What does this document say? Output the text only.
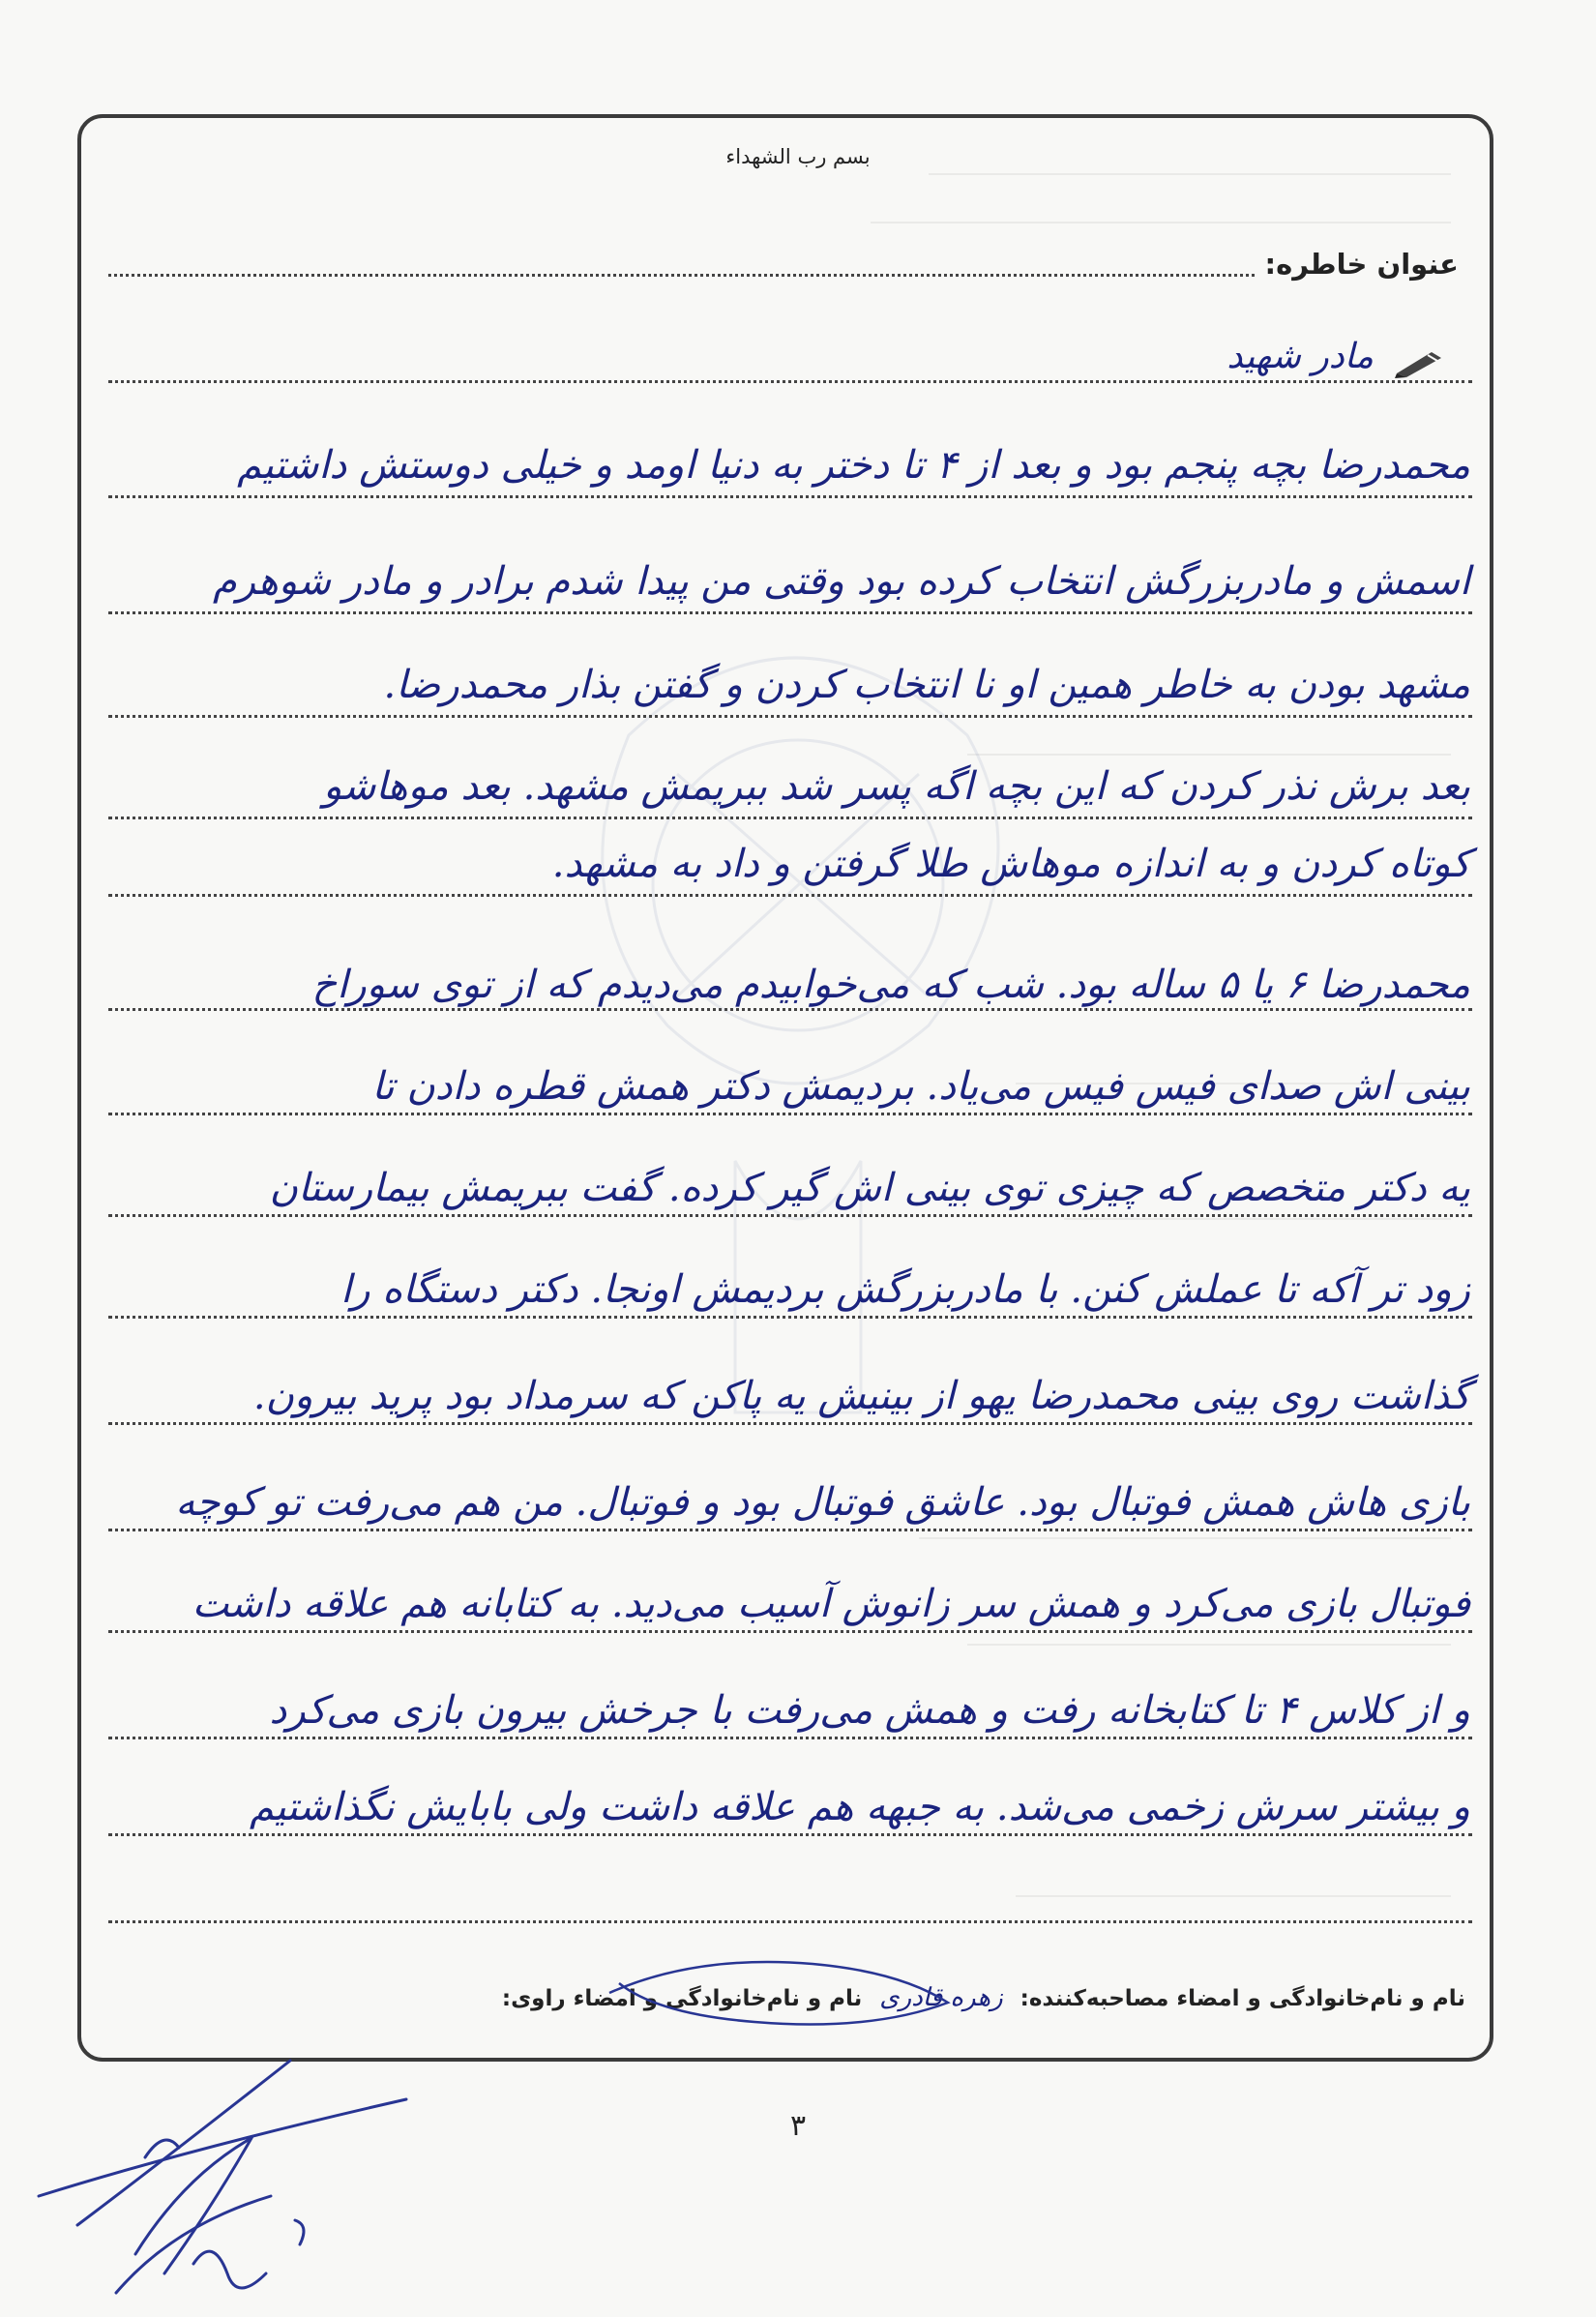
بسم رب الشهداء
عنوان خاطره:
مادر شهید
محمدرضا بچه پنجم بود و بعد از ۴ تا دختر به دنیا اومد و خیلی دوستش داشتیم
اسمش و مادربزرگش انتخاب کرده بود وقتی من پیدا شدم برادر و مادر شوهرم
مشهد بودن به خاطر همین او نا انتخاب کردن و گفتن بذار محمدرضا.
بعد برش نذر کردن که این بچه اگه پسر شد ببریمش مشهد. بعد موهاشو
کوتاه کردن و به اندازه موهاش طلا گرفتن و داد به مشهد.
محمدرضا ۶ یا ۵ ساله بود. شب که می‌خوابیدم می‌دیدم که از توی سوراخ
بینی اش صدای فیس فیس می‌یاد. بردیمش دکتر همش قطره دادن تا
یه دکتر متخصص که چیزی توی بینی اش گیر کرده. گفت ببریمش بیمارستان
زود تر آکه تا عملش کنن. با مادربزرگش بردیمش اونجا. دکتر دستگاه را
گذاشت روی بینی محمدرضا یهو از بینیش یه پاکن که سرمداد بود پرید بیرون.
بازی هاش همش فوتبال بود. عاشق فوتبال بود و فوتبال. من هم می‌رفت تو کوچه
فوتبال بازی می‌کرد و همش سر زانوش آسیب می‌دید. به کتابانه هم علاقه داشت
و از کلاس ۴ تا کتابخانه رفت و همش می‌رفت با جرخش بیرون بازی می‌کرد
و بیشتر سرش زخمی می‌شد. به جبهه هم علاقه داشت ولی بابایش نگذاشتیم
نام و نام‌خانوادگی و امضاء مصاحبه‌کننده: زهره قادری نام و نام‌خانوادگی و امضاء راوی:
۳
